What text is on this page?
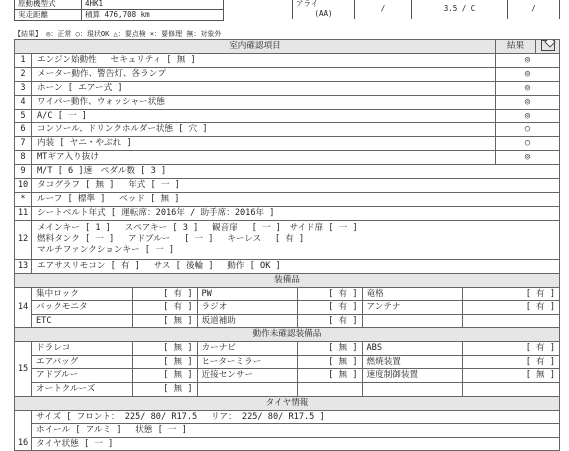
原動機型式	4HK1
実走距離	積算 476,708 km
アライ	/	3.5 / C	/
(AA)
【結果】 ◎：正常 ○：現状OK △：要点検 ×：要修理 無：対象外
室内確認項目	結果	
1	エンジン始動性　 セキュリティ [ 無 ]	◎
2	メーター動作、警告灯、各ランプ	◎
3	ホーン [ エアー式 ]	◎
4	ワイパー動作、ウォッシャー状態	◎
5	A/C [ 一 ]	◎
6	コンソール、ドリンクホルダー状態 [ 穴 ]	○
7	内装 [ ヤニ・やぶれ ]	○
8	MTギア入り抜け	◎
9	M/T [ 6 ]速　ペダル数 [ 3 ]
10	タコグラフ [ 無 ]　 年式 [ 一 ]
*	ルーフ [ 標準 ]　 ベッド [ 無 ]
11	シートベルト年式 [ 運転席：2016年 / 助手席：2016年 ]
12	
メインキー [ 1 ]　 スペアキー [ 3 ]　 観音扉　 [ 一 ]　サイド扉 [ 一 ]
燃料タンク [ 一 ]　 アドブルー　 [ 一 ]　 キーレス　 [ 有 ]
マルチファンクションキー [ 一 ]

13	エアサスリモコン [ 有 ]　 サス [ 後輪 ]　 動作 [ OK ]
装備品
14	
集中ロック	[ 有 ]	PW	[ 有 ]	竜格	[ 有 ]
バックモニタ	[ 有 ]	ラジオ	[ 有 ]	アンテナ	[ 有 ]
ETC	[ 無 ]	坂道補助	[ 有 ]		

動作未確認装備品
15	
ドラレコ	[ 無 ]	カーナビ	[ 無 ]	ABS	[ 有 ]
エアバッグ	[ 無 ]	ヒーターミラー	[ 無 ]	燃焼装置	[ 有 ]
アドブルー	[ 無 ]	近接センサー	[ 無 ]	速度制御装置	[ 無 ]
オートクルーズ	[ 無 ]				

タイヤ情報
16	
サイズ [ フロント： 225/ 80/ R17.5　 リア： 225/ 80/ R17.5 ]
ホイール [ アルミ ]　 状態 [ 一 ]
タイヤ状態 [ 一 ]
